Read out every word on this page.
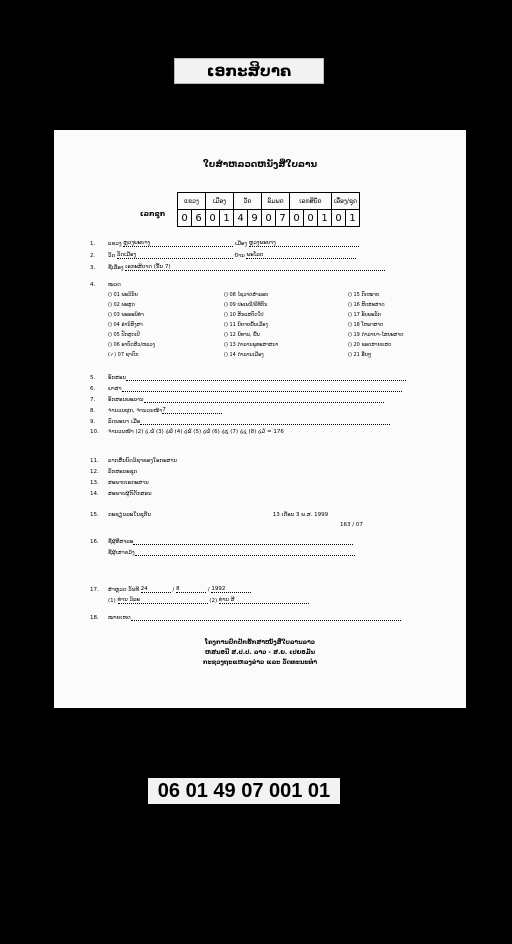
ເອກະສິບາຄ
ໃບສຳຫລວດຫນັງສືໃບລານ
ເລກຊຸກ
ແຂວງ		ເມືອງ		ວັດ		ລົມພດ		ເລກສິບັດ			ເລື່ອງ/ຊຸດ	
0	6	0	1	4	9	0	7	0	0	1	0	1
1. ແຂວງ ຫຼວງພະບາງ	ເມືອງ ຫຼວງພະບາງ
2. ວັດ ວັດເມືອງ	ບ້ານ ພະໂລດ
3. ຊື່ເລື່ອງ ເອກະສິບາດ (ນັ້ນ 7)
4. ໝວດ
() 01 ພະວິນັຍ
() 02 ພະສູດ
() 03 ພະອະພິທຳ
() 04 ອຳນິສົງສາ
() 05 ປັກສູດເປີ
() 06 ອາບົດສີວ/ຫລວງ
(✓) 07 ຊາດົກ
() 08 ໄຊວາດສຳລອບ
() 09 ປະເພນີ/ພີທີກັນ
() 10 ສັນແສຕົດໃປ
() 11 ນິຍາຍພື້ນເມືອງ
() 12 ນິທານ, ພື້ນ
() 13 ດຳລານພູທະສາສນາ
() 14 ດຳລານເມືອງ
() 15 ກົດໝາຍ
() 16 ສົດສະສາດ
() 17 ອັບພະລັກ
() 18 ໂຫລາສາດ
() 19 ດຳລາຍາ-ໄສຍະສາດ
() 20 ຂອດສາຍຍສດ
() 21 ອື່ນໆ
5. ອັກສອນ
6. ພາສາ
7. ອັກສອນພະລານ
8. ຈຳນວນຜູກ, ຈຳນວນໜ້າ7
9. ລົດພະນາ ເມື່ອ
10. ຈຳນວນໜ້າ (2) ໒.໖ (3) ໒໖ (4) ໒໖ (5) ໒໖ (6) ໒໕ (7) ໒໔ (8) ໒໓ = 176
11. ລາກສື່ນບົດວິຊາຂອງໃອກະສານ
12. ລັກສະນະຊຸດ
13. ສະພາບເອກະສານ
14. ສະພາບຜູ້ກົດັກສອນ
15. ກະຊຽນລະໃນຊຸກີ່ນ	13 ເດືອນ 3 ພ.ສ. 1999
163 / 07
16. ຊື່ຜູ້ທີ່ສາລະ
ຊື່ຜູ້ເສາຂວ້ງ
17. ສຳຫຼວດ ວັນທີ 24	/ 8	/ 1992
(1) ທ່ານ ວິລະ	(2) ທ່ານ ສີ
18. ໝາຍເຫດ
ໂຄງການປົກປັກຮັກສາໜັງສືໃບລານລາວ
ຫສນອນີ ສ.ປ.ປ. ລາວ - ສ.ຍ. ເປຍອມັນ
ກະຊວງຖະແຫລງຂ່າວ ແລະ ວັດທະນະທຳ
06 01 49 07 001 01
